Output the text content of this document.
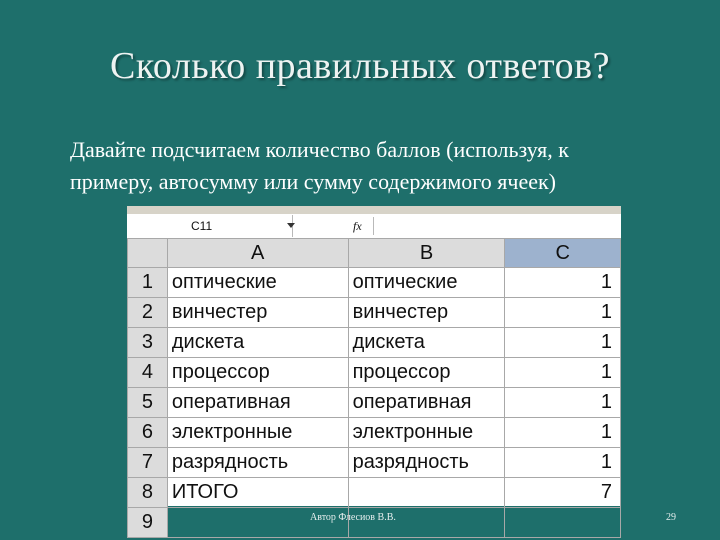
Сколько правильных ответов?
Давайте подсчитаем количество баллов (используя, к
примеру, автосумму или сумму содержимого ячеек)
C11	fx
	A	B	C
1	оптические	оптические	1
2	винчестер	винчестер	1
3	дискета	дискета	1
4	процессор	процессор	1
5	оперативная	оперативная	1
6	электронные	электронные	1
7	разрядность	разрядность	1
8	ИТОГО		7
9				Автор Флесиов В.В.	29
